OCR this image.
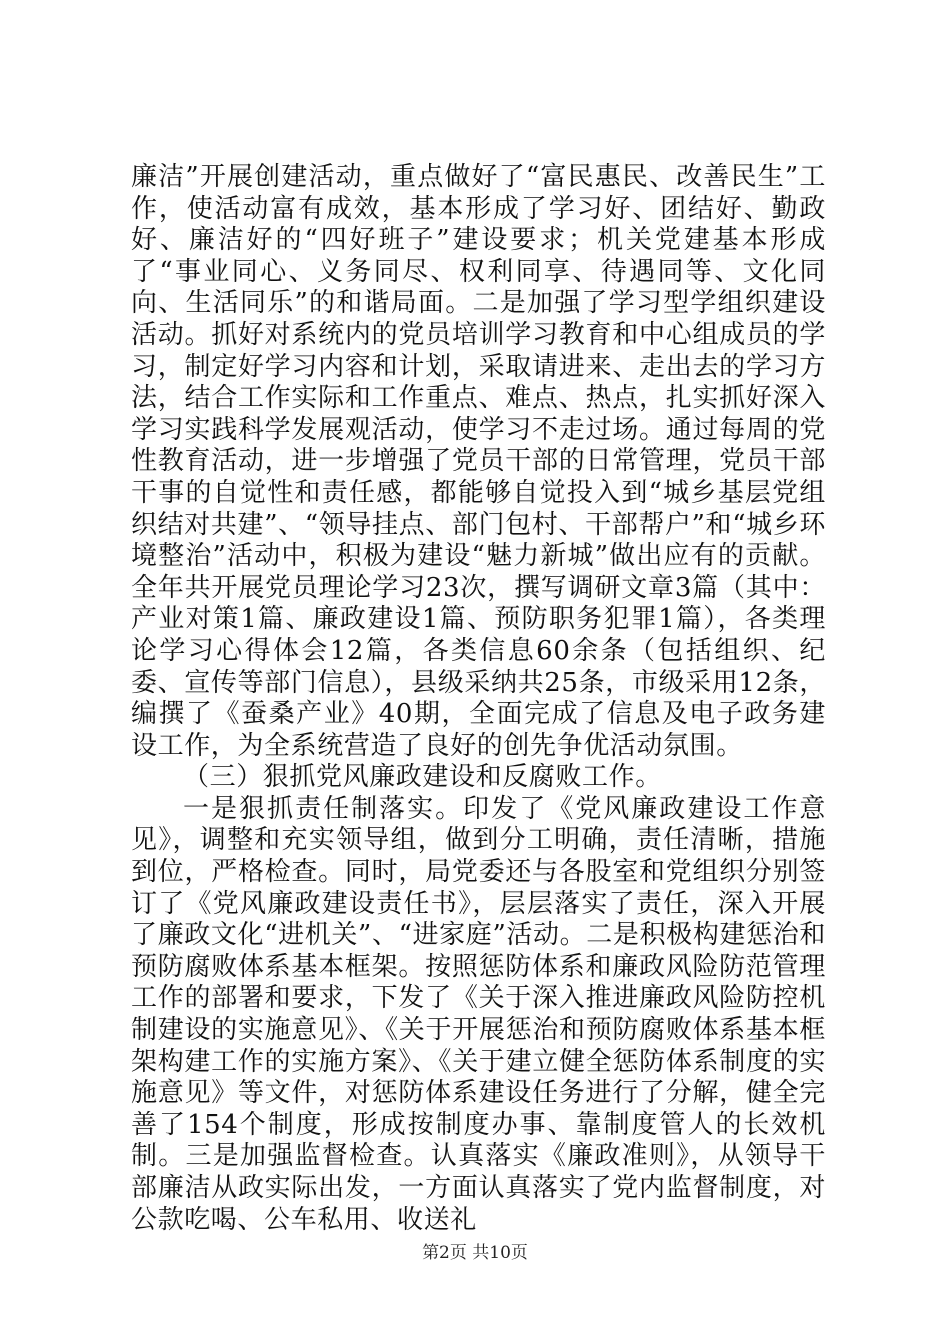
廉洁”开展创建活动，重点做好了“富民惠民、改善民生”工作，使活动富有成效，基本形成了学习好、团结好、勤政好、廉洁好的“四好班子”建设要求；机关党建基本形成了“事业同心、义务同尽、权利同享、待遇同等、文化同向、生活同乐”的和谐局面。二是加强了学习型学组织建设活动。抓好对系统内的党员培训学习教育和中心组成员的学习，制定好学习内容和计划，采取请进来、走出去的学习方法，结合工作实际和工作重点、难点、热点，扎实抓好深入学习实践科学发展观活动，使学习不走过场。通过每周的党性教育活动，进一步增强了党员干部的日常管理，党员干部干事的自觉性和责任感，都能够自觉投入到“城乡基层党组织结对共建”、“领导挂点、部门包村、干部帮户”和“城乡环境整治”活动中，积极为建设“魅力新城”做出应有的贡献。全年共开展党员理论学习23次，撰写调研文章3篇（其中：产业对策1篇、廉政建设1篇、预防职务犯罪1篇），各类理论学习心得体会12篇，各类信息60余条（包括组织、纪委、宣传等部门信息），县级采纳共25条，市级采用12条，编撰了《蚕桑产业》40期，全面完成了信息及电子政务建设工作，为全系统营造了良好的创先争优活动氛围。

（三）狠抓党风廉政建设和反腐败工作。

一是狠抓责任制落实。印发了《党风廉政建设工作意见》，调整和充实领导组，做到分工明确，责任清晰，措施到位，严格检查。同时，局党委还与各股室和党组织分别签订了《党风廉政建设责任书》，层层落实了责任，深入开展了廉政文化“进机关”、“进家庭”活动。二是积极构建惩治和预防腐败体系基本框架。按照惩防体系和廉政风险防范管理工作的部署和要求，下发了《关于深入推进廉政风险防控机制建设的实施意见》、《关于开展惩治和预防腐败体系基本框架构建工作的实施方案》、《关于建立健全惩防体系制度的实施意见》等文件，对惩防体系建设任务进行了分解，健全完善了154个制度，形成按制度办事、靠制度管人的长效机制。三是加强监督检查。认真落实《廉政准则》，从领导干部廉洁从政实际出发，一方面认真落实了党内监督制度，对公款吃喝、公车私用、收送礼

第2页 共10页
